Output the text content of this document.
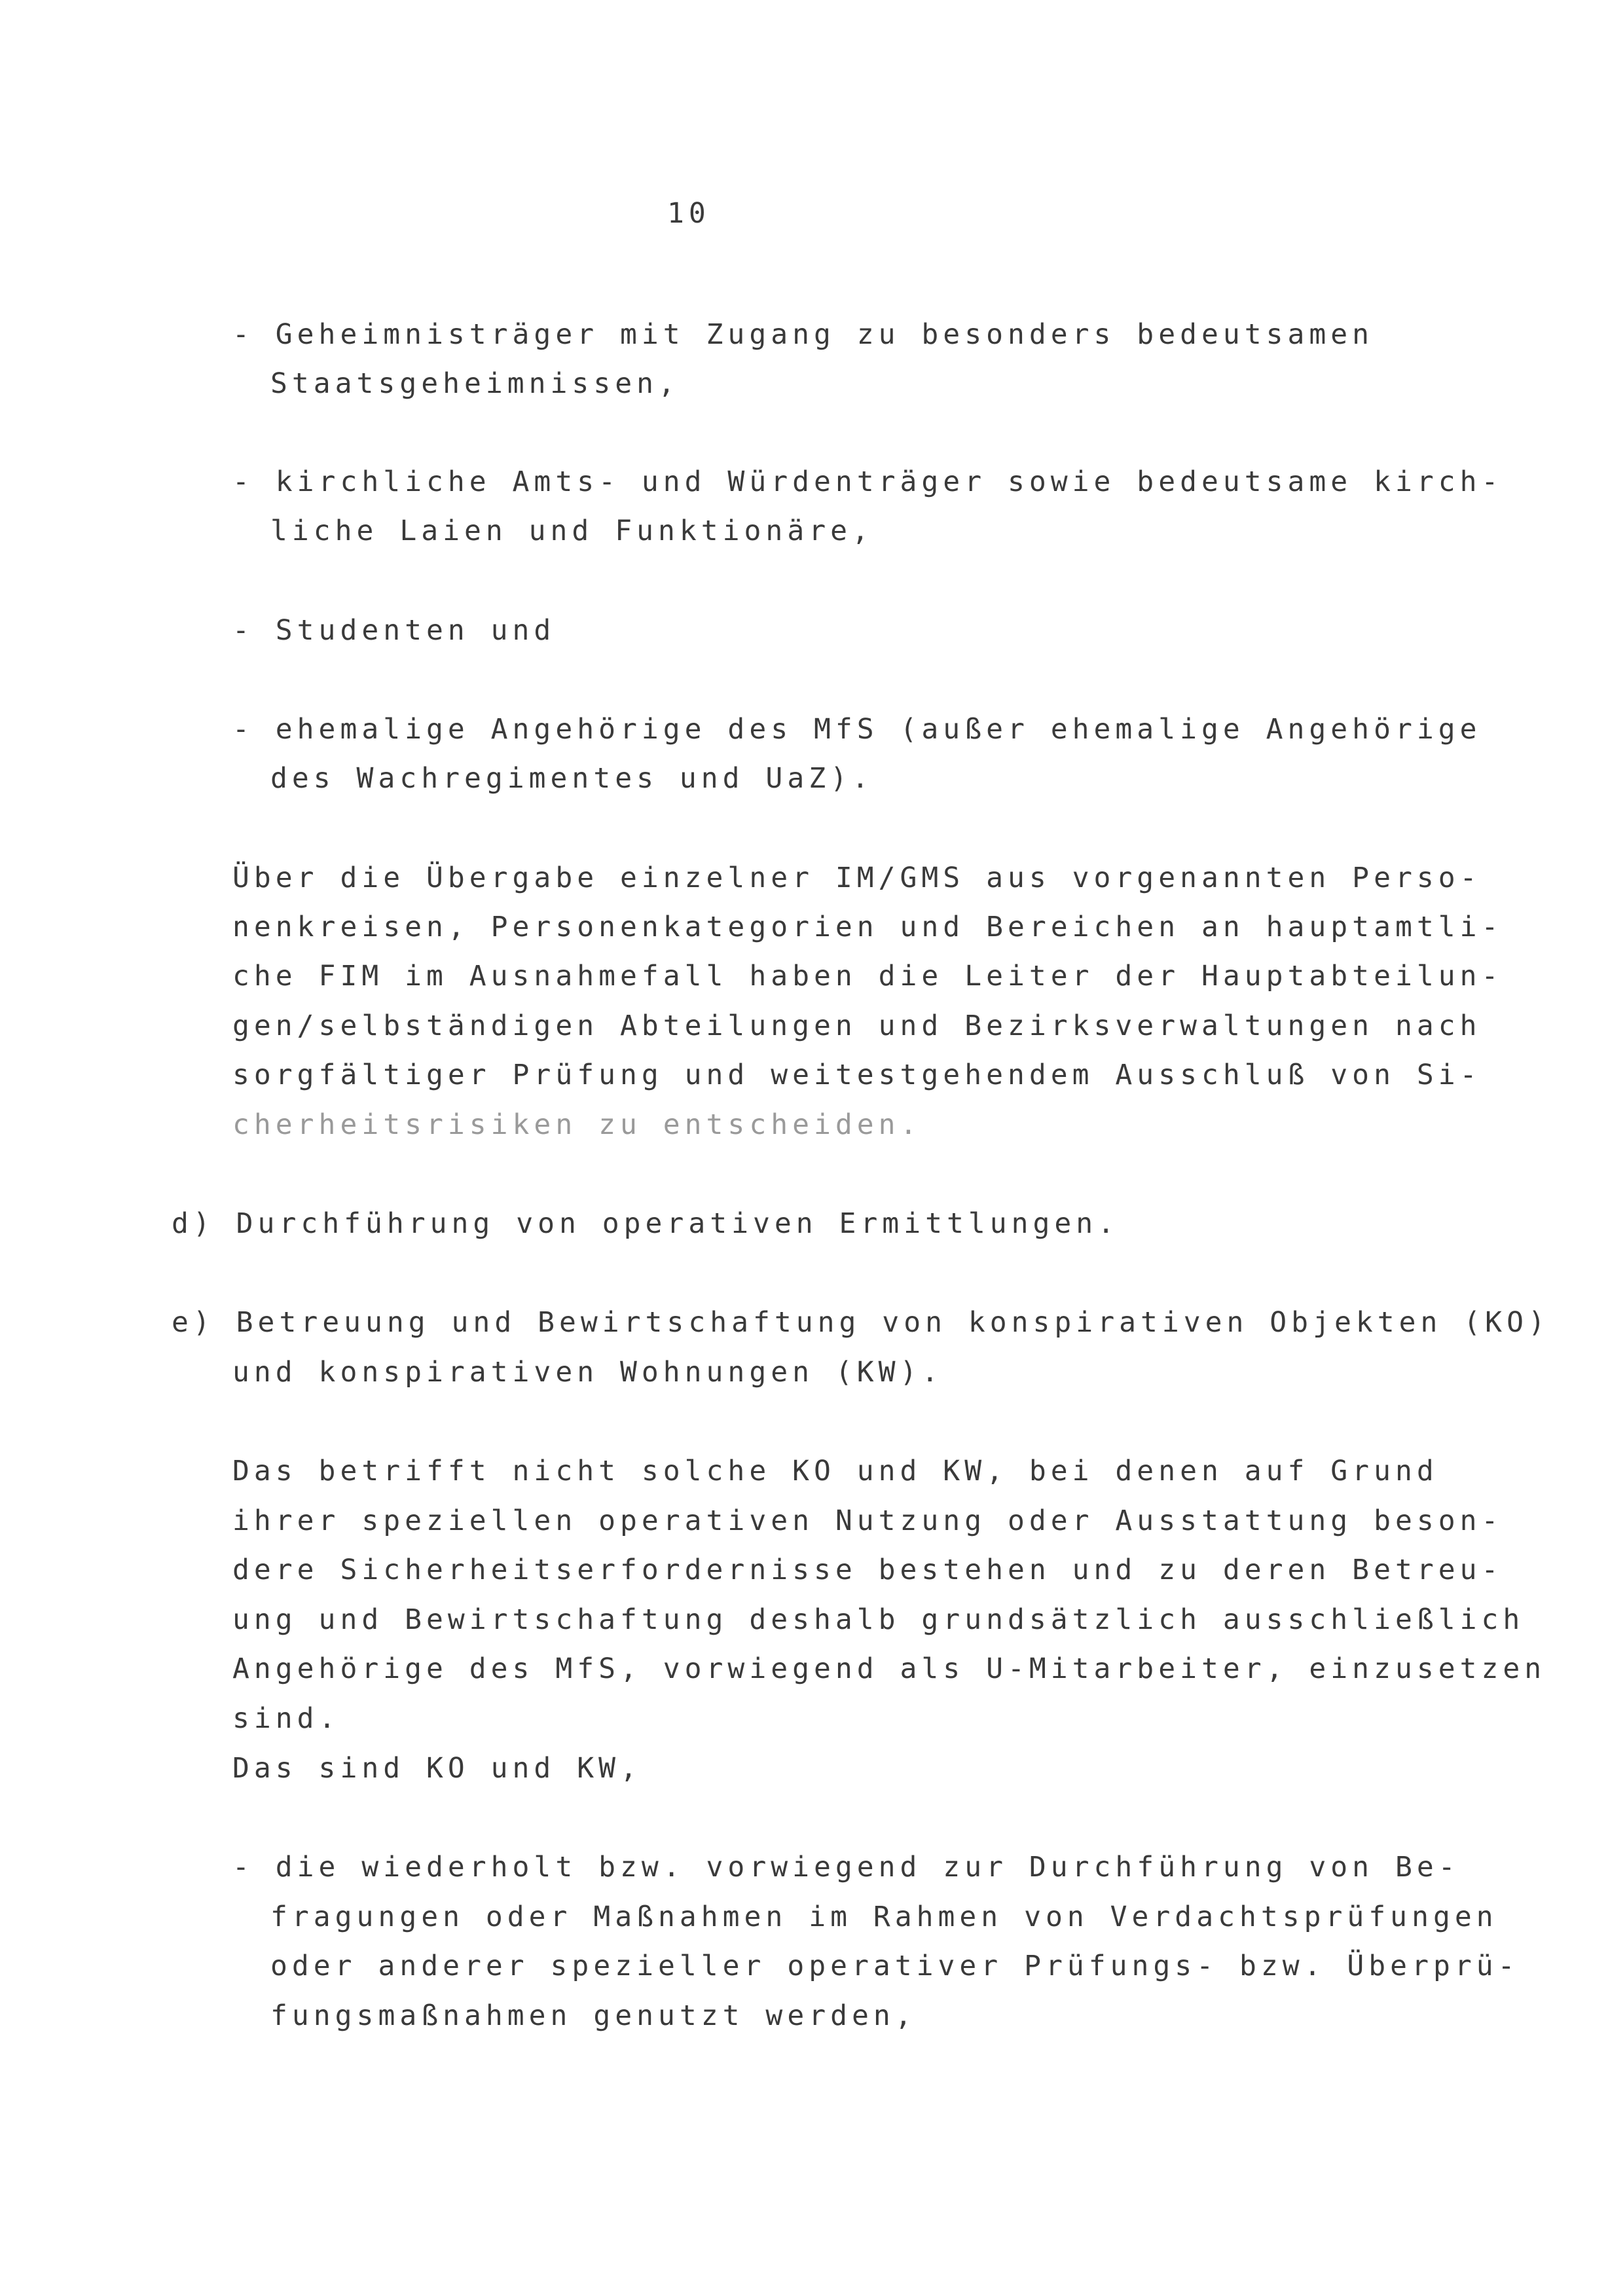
10
- Geheimnisträger mit Zugang zu besonders bedeutsamen
Staatsgeheimnissen,
- kirchliche Amts- und Würdenträger sowie bedeutsame kirch-
liche Laien und Funktionäre,
- Studenten und
- ehemalige Angehörige des MfS (außer ehemalige Angehörige
des Wachregimentes und UaZ).
Über die Übergabe einzelner IM/GMS aus vorgenannten Perso-
nenkreisen, Personenkategorien und Bereichen an hauptamtli-
che FIM im Ausnahmefall haben die Leiter der Hauptabteilun-
gen/selbständigen Abteilungen und Bezirksverwaltungen nach
sorgfältiger Prüfung und weitestgehendem Ausschluß von Si-
cherheitsrisiken zu entscheiden.
d) Durchführung von operativen Ermittlungen.
e) Betreuung und Bewirtschaftung von konspirativen Objekten (KO)
und konspirativen Wohnungen (KW).
Das betrifft nicht solche KO und KW, bei denen auf Grund
ihrer speziellen operativen Nutzung oder Ausstattung beson-
dere Sicherheitserfordernisse bestehen und zu deren Betreu-
ung und Bewirtschaftung deshalb grundsätzlich ausschließlich
Angehörige des MfS, vorwiegend als U-Mitarbeiter, einzusetzen
sind.
Das sind KO und KW,
- die wiederholt bzw. vorwiegend zur Durchführung von Be-
fragungen oder Maßnahmen im Rahmen von Verdachtsprüfungen
oder anderer spezieller operativer Prüfungs- bzw. Überprü-
fungsmaßnahmen genutzt werden,
